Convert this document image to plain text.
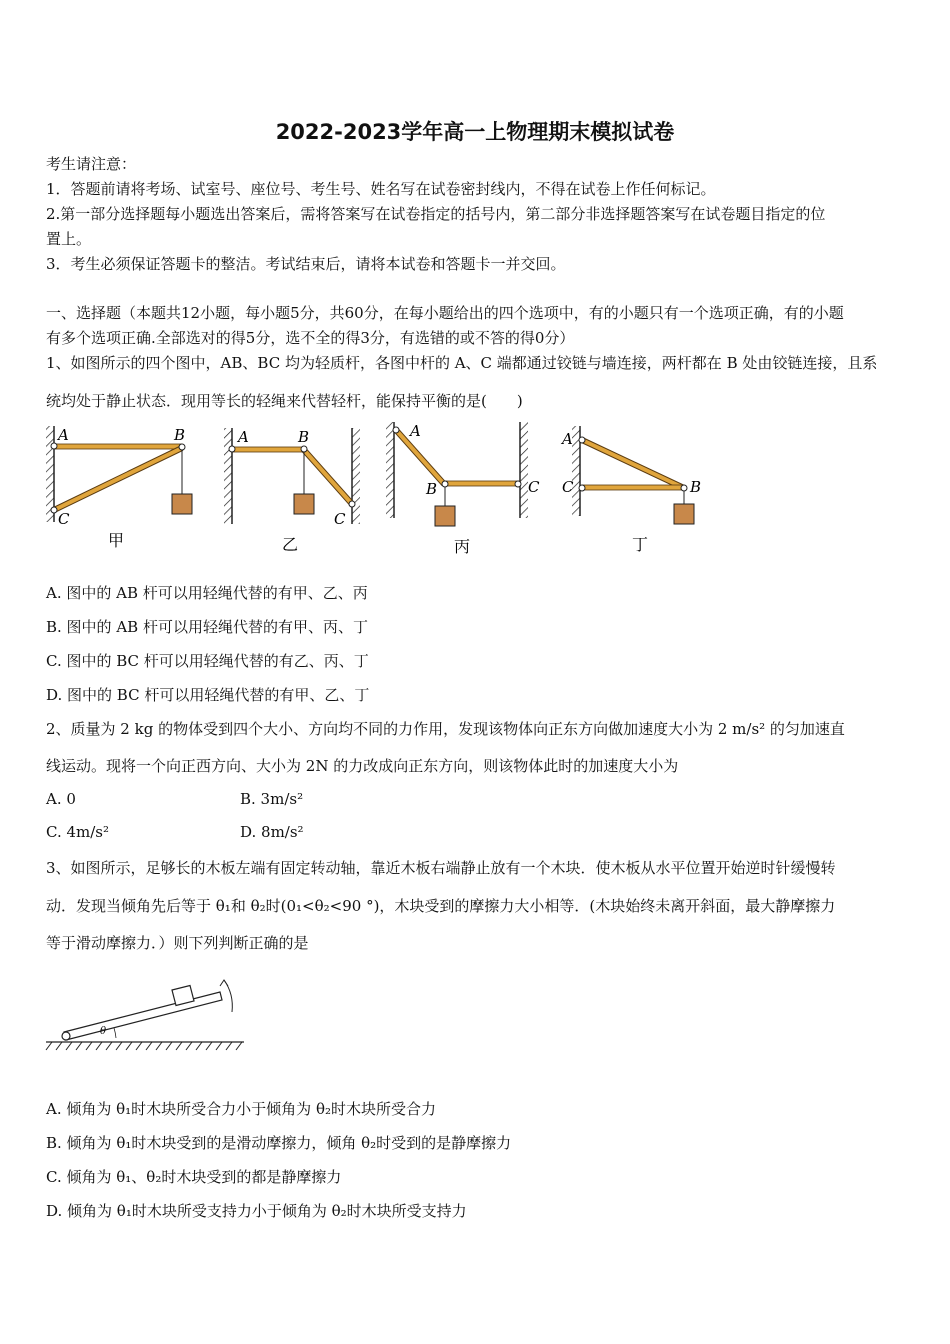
2022-2023学年高一上物理期末模拟试卷
考生请注意：
1．答题前请将考场、试室号、座位号、考生号、姓名写在试卷密封线内，不得在试卷上作任何标记。
2.第一部分选择题每小题选出答案后，需将答案写在试卷指定的括号内，第二部分非选择题答案写在试卷题目指定的位
置上。
3．考生必须保证答题卡的整洁。考试结束后，请将本试卷和答题卡一并交回。
一、选择题（本题共12小题，每小题5分，共60分，在每小题给出的四个选项中，有的小题只有一个选项正确，有的小题
有多个选项正确.全部选对的得5分，选不全的得3分，有选错的或不答的得0分）
1、如图所示的四个图中，AB、BC 均为轻质杆，各图中杆的 A、C 端都通过铰链与墙连接，两杆都在 B 处由铰链连接，且系
统均处于静止状态．现用等长的轻绳来代替轻杆，能保持平衡的是(　　)
A	B
C
甲
A	B
C
乙
A
B	C
丙
A
B
C
丁
A. 图中的 AB 杆可以用轻绳代替的有甲、乙、丙
B. 图中的 AB 杆可以用轻绳代替的有甲、丙、丁
C. 图中的 BC 杆可以用轻绳代替的有乙、丙、丁
D. 图中的 BC 杆可以用轻绳代替的有甲、乙、丁
2、质量为 2 kg 的物体受到四个大小、方向均不同的力作用，发现该物体向正东方向做加速度大小为 2 m/s² 的匀加速直
线运动。现将一个向正西方向、大小为 2N 的力改成向正东方向，则该物体此时的加速度大小为
A. 0	B. 3m/s²
C. 4m/s²	D. 8m/s²
3、如图所示，足够长的木板左端有固定转动轴，靠近木板右端静止放有一个木块．使木板从水平位置开始逆时针缓慢转
动．发现当倾角先后等于 θ₁和 θ₂时(0₁<θ₂<90 °)，木块受到的摩擦力大小相等．(木块始终未离开斜面，最大静摩擦力
等于滑动摩擦力．）则下列判断正确的是
θ
A. 倾角为 θ₁时木块所受合力小于倾角为 θ₂时木块所受合力
B. 倾角为 θ₁时木块受到的是滑动摩擦力，倾角 θ₂时受到的是静摩擦力
C. 倾角为 θ₁、θ₂时木块受到的都是静摩擦力
D. 倾角为 θ₁时木块所受支持力小于倾角为 θ₂时木块所受支持力
